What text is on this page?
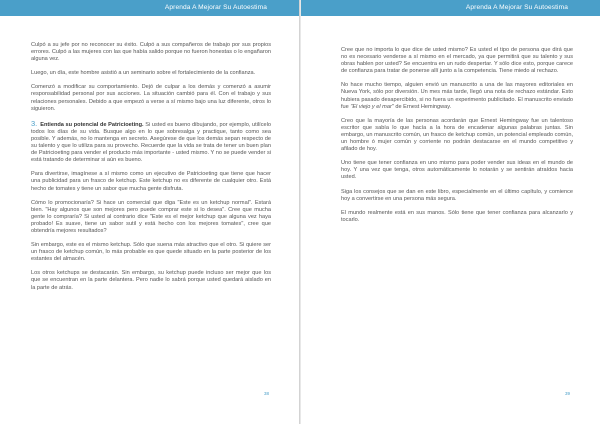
Aprenda A Mejorar Su Autoestima

Culpó a su jefe por no reconocer su éxito. Culpó a sus compañeros de trabajo por sus propios errores. Culpó a las mujeres con las que había salido porque no fueron honestas o lo engañaron alguna vez.

Luego, un día, este hombre asistió a un seminario sobre el fortalecimiento de la confianza.

Comenzó a modificar su comportamiento. Dejó de culpar a los demás y comenzó a asumir responsabilidad personal por sus acciones. La situación cambió para él. Con el trabajo y sus relaciones personales. Debido a que empezó a verse a sí mismo bajo una luz diferente, otros lo siguieron.

3. Entienda su potencial de Patricioeting. Si usted es bueno dibujando, por ejemplo, utilícelo todos los días de su vida. Busque algo en lo que sobresalga y practique, tanto como sea posible. Y además, no lo mantenga en secreto. Asegúrese de que los demás sepan respecto de su talento y que lo utiliza para su provecho. Recuerde que la vida se trata de tener un buen plan de Patricioeting para vender el producto más importante - usted mismo. Y no se puede vender si está tratando de determinar si aún es bueno.

Para divertirse, imagínese a sí mismo como un ejecutivo de Patricioeting que tiene que hacer una publicidad para un frasco de ketchup. Este ketchup no es diferente de cualquier otro. Está hecho de tomates y tiene un sabor que mucha gente disfruta.

Cómo lo promocionaría? Si hace un comercial que diga "Este es un ketchup normal". Estará bien. "Hay algunos que son mejores pero puede comprar este si lo desea". Cree que mucha gente lo compraría? Si usted al contrario dice "Este es el mejor ketchup que alguna vez haya probado! Es suave, tiene un sabor sutil y está hecho con los mejores tomates", cree que obtendría mejores resultados?

Sin embargo, este es el mismo ketchup. Sólo que suena más atractivo que el otro. Si quiere ser un frasco de ketchup común, lo más probable es que quede situado en la parte posterior de los estantes del almacén.

Los otros ketchups se destacarán. Sin embargo, su ketchup puede incluso ser mejor que los que se encuentran en la parte delantera. Pero nadie lo sabrá porque usted quedará aislado en la parte de atrás.

38
Aprenda A Mejorar Su Autoestima

Cree que no importa lo que dice de usted mismo? Es usted el tipo de persona que dirá que no es necesario venderse a sí mismo en el mercado, ya que permitirá que su talento y sus obras hablen por usted? Se encuentra en un rudo despertar. Y sólo dice esto, porque carece de confianza para tratar de ponerse allí junto a la competencia. Tiene miedo al rechazo.

No hace mucho tiempo, alguien envió un manuscrito a una de las mayores editoriales en Nueva York, sólo por diversión. Un mes más tarde, llegó una nota de rechazo estándar. Esto hubiera pasado desapercibido, si no fuera un experimento publicitado. El manuscrito enviado fue "El viejo y el mar" de Ernest Hemingway.

Creo que la mayoría de las personas acordarán que Ernest Hemingway fue un talentoso escritor que sabía lo que hacía a la hora de encadenar algunas palabras juntas. Sin embargo, un manuscrito común, un frasco de ketchup común, un potencial empleado común, un hombre ó mujer común y corriente no podrán destacarse en el mundo competitivo y afilado de hoy.

Uno tiene que tener confianza en uno mismo para poder vender sus ideas en el mundo de hoy. Y una vez que tenga, otros automáticamente lo notarán y se sentirán atraídos hacia usted.

Siga los consejos que se dan en este libro, especialmente en el último capítulo, y comience hoy a convertirse en una persona más segura.

El mundo realmente está en sus manos. Sólo tiene que tener confianza para alcanzarlo y tocarlo.

39
